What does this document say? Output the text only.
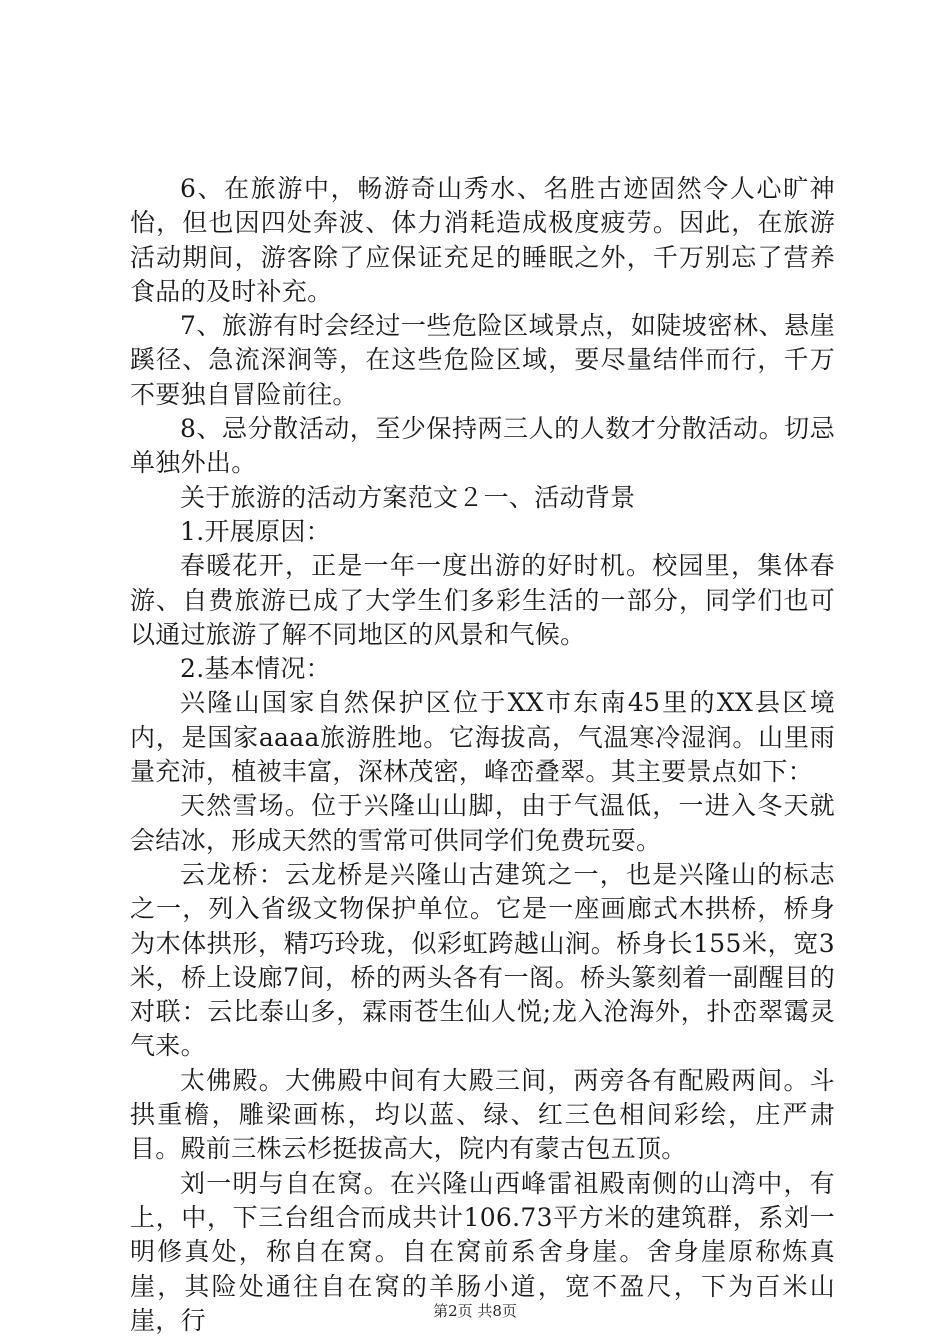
6、在旅游中，畅游奇山秀水、名胜古迹固然令人心旷神怡，但也因四处奔波、体力消耗造成极度疲劳。因此，在旅游活动期间，游客除了应保证充足的睡眠之外，千万别忘了营养食品的及时补充。

7、旅游有时会经过一些危险区域景点，如陡坡密林、悬崖蹊径、急流深涧等，在这些危险区域，要尽量结伴而行，千万不要独自冒险前往。

8、忌分散活动，至少保持两三人的人数才分散活动。切忌单独外出。

关于旅游的活动方案范文２一、活动背景

1.开展原因：

春暖花开，正是一年一度出游的好时机。校园里，集体春游、自费旅游已成了大学生们多彩生活的一部分，同学们也可以通过旅游了解不同地区的风景和气候。

2.基本情况：

兴隆山国家自然保护区位于XX市东南45里的XX县区境内，是国家aaaa旅游胜地。它海拔高，气温寒冷湿润。山里雨量充沛，植被丰富，深林茂密，峰峦叠翠。其主要景点如下：

天然雪场。位于兴隆山山脚，由于气温低，一进入冬天就会结冰，形成天然的雪常可供同学们免费玩耍。

云龙桥：云龙桥是兴隆山古建筑之一，也是兴隆山的标志之一，列入省级文物保护单位。它是一座画廊式木拱桥，桥身为木体拱形，精巧玲珑，似彩虹跨越山涧。桥身长155米，宽3米，桥上设廊7间，桥的两头各有一阁。桥头篆刻着一副醒目的对联：云比泰山多，霖雨苍生仙人悦;龙入沧海外，扑峦翠霭灵气来。

太佛殿。大佛殿中间有大殿三间，两旁各有配殿两间。斗拱重檐，雕梁画栋，均以蓝、绿、红三色相间彩绘，庄严肃目。殿前三株云杉挺拔高大，院内有蒙古包五顶。

刘一明与自在窝。在兴隆山西峰雷祖殿南侧的山湾中，有上，中，下三台组合而成共计106.73平方米的建筑群，系刘一明修真处，称自在窝。自在窝前系舍身崖。舍身崖原称炼真崖，其险处通往自在窝的羊肠小道，宽不盈尺，下为百米山崖，行	第2页 共8页
